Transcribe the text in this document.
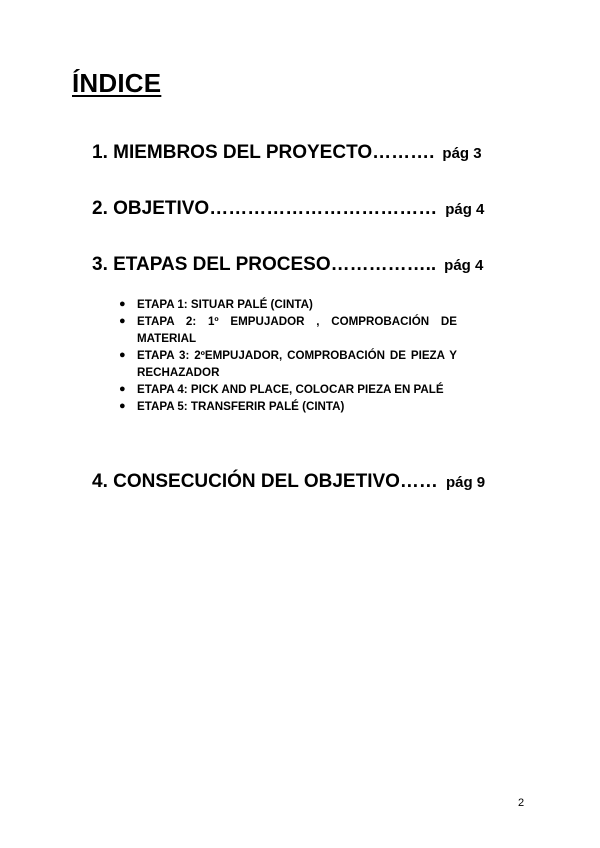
ÍNDICE
1. MIEMBROS DEL PROYECTO………. pág 3
2. OBJETIVO……………………………… pág 4
3. ETAPAS DEL PROCESO…………….. pág 4
● ETAPA 1: SITUAR PALÉ (CINTA)
● ETAPA 2: 1º EMPUJADOR , COMPROBACIÓN DE MATERIAL
● ETAPA 3: 2ºEMPUJADOR, COMPROBACIÓN DE PIEZA Y RECHAZADOR
● ETAPA 4: PICK AND PLACE, COLOCAR PIEZA EN PALÉ
● ETAPA 5: TRANSFERIR PALÉ (CINTA)
4. CONSECUCIÓN DEL OBJETIVO…… pág 9
2
